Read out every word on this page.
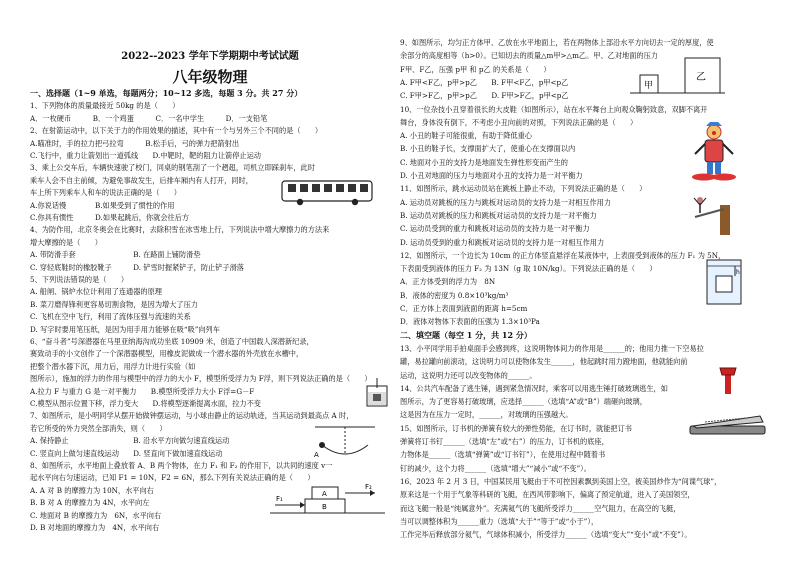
2022--2023 学年下学期期中考试试题
八年级物理
一、选择题（1~9 单选，每题两分；10~12 多选，每题 3 分。共 27 分）
1、下列物体的质量最接近 50kg 的是（　　）
A．一枚硬币　　　B．一个鸡蛋　　　C．一名中学生　　　D．一支铅笔
2、在射箭运动中，以下关于力的作用效果的描述，其中有一个与另外三个不同的是（　　）
A.瞄准时，手的拉力把弓拉弯　　　B.松手后，弓的弹力把箭射出
C.飞行中，重力让箭划出一道弧线　　D.中靶时，靶的阻力让箭停止运动
3、乘上公交车后，车辆快速驶了校门，同桌的钢笔刮了一个趔趄，司机立即踩刹车，此时
乘车人会不自主前倾，为避免事故发生，后排车厢内有人打开，同时，
车上所下列乘车人和车的说法正确的是（　　）
A.你说话慢　　　　B.如果受到了惯性的作用
C.你具有惯性　　　D.如果起跳后，你就会往后方
4、为防作用，北京冬奥会在比赛时，去除积雪在冰雪地上行，下列说法中增大摩擦力的方法来
增大摩擦的是（　　）
A. 带防滑手套　　　　　　　　B. 在路面上铺防滑垫
C. 穿轻底鞋时的橡胶靴子　　　D. 铲雪时握紧铲子，防止铲子滑落
5、下列说法错误的是（　　）
A. 船闸、锅炉水位计利用了连通器的原理
B. 菜刀磨得锋利更容易切割食物，是因为增大了压力
C. 飞机在空中飞行，利用了流体压强与流速的关系
D. 写字时要用笔压纸，是因为用手用力能够在吸“吸”向列车
6、“奋斗者”号深潜器在马里亚纳海沟成功坐底 10909 米，创造了中国载人深潜新纪录，
赛致动手的小文创作了一个深潜器模型，用橡皮泥做成一个潜水器的外壳放在水槽中，
把整个潜水器下沉，用力后，用浮力计进行实验（如
图所示），施加的浮力的作用与模型中的浮力的大小 F，模型所受浮力为 F浮，则下列说法正确的是（　　）
A.拉力 F 与重力 G 是一对平衡力　　B.模型所受浮力大小 F浮=G－F
C.模型从图示位置下移，浮力变大　　D.将模型逐渐提离水面，拉力不变
7、如图所示，是小明同学从摆开始做钟摆运动，与小球由静止的运动轨迹，当其运动到最高点 A 时，
若它所受的外力突然全部消失，则（　　）
A. 保持静止　　　　　　　　　B. 沿水平方向做匀速直线运动
C. 竖直向上做匀速直线运动　　D. 竖直向下做加速直线运动
8、如图所示，水平地面上叠放着 A、B 两个物体，在力 F₁ 和 F₂ 的作用下，以共同的速度 v一
起水平向右匀速运动，已知 F1 = 10N，F2 = 6N，那么下列有关说法正确的是（　　）
A. A 对 B 的摩擦力为 10N，水平向右
B. B 对 A 的摩擦力为 4N，水平向左
C. 地面对 B 的摩擦力为　6N，水平向右
D. B 对地面的摩擦力为　4N，水平向右
A
A
B
F₁
F₂
9、如图所示，均匀正方体甲、乙放在水平地面上，若在两物体上部沿水平方向切去一定的厚度，使
余部分的高度相等（h>0）。已知切去的质量△m甲>△m乙。甲、乙对地面的压力
F甲、F乙，压强 p甲 和 p乙 的关系是（　　）
A. F甲<F乙，p甲>p乙　　B. F甲<F乙，p甲<p乙
C. F甲>F乙，p甲>p乙　　D. F甲>F乙，p甲<p乙
10、一位杂技小丑穿着很长的大皮鞋（如图所示），站在水平舞台上向观众鞠躬致意，双脚不离开
舞台，身体没有倒下，不考虑小丑向前的对照，下列说法正确的是（　　）
A. 小丑的鞋子可能很重，有助于降低重心
B. 小丑的鞋子长，支撑面扩大了，使重心在支撑面以内
C. 地面对小丑的支持力是地面发生弹性形变而产生的
D. 小丑对地面的压力与地面对小丑的支持力是一对平衡力
11、如图所示，跳水运动员站在跳板上静止不动，下列说法正确的是（　　）
A. 运动员对跳板的压力与跳板对运动员的支持力是一对相互作用力
B. 运动员对跳板的压力和跳板对运动员的支持力是一对平衡力
C. 运动员受到的重力和跳板对运动员的支持力是一对平衡力
D. 运动员受到的重力和跳板对运动员的支持力是一对相互作用力
12、如图所示，一个边长为 10cm 的正方体竖直悬浮在某液体中，上表面受到液体的压力 F₁ 为 5N，
下表面受到液体的压力 F₂ 为 13N（g 取 10N/kg）。下列说法正确的是（　　）
A．正方体受到的浮力为　8N
B．液体的密度为 0.8×10³kg/m³
C．正方体上表面到液面的距离 h=5cm
D．液体对物体下表面的压强为 1.3×10³Pa
二、填空题（每空 1 分，共 12 分）
13、小平同学用手拍桌面手会感到疼，这说明物体间力的作用是______的；他用力推一下空易拉
罐，易拉罐向前滚动，这说明力可以使物体发生______，他起跳时用力蹬地面，他就能向前
运动，这说明力还可以改变物体的______。
14、公共汽车配备了逃生锤，遇到紧急情况时，乘客可以用逃生锤打破玻璃逃生，如
图所示，为了更容易打破玻璃，应选择______（选填“A”或“B”）端砸向玻璃，
这是因为在压力一定时，______，对玻璃的压强越大。
15、如图所示，订书机的弹簧有较大的弹性势能，在订书时，就能把订书
弹簧将订书钉______（选填“左”或“右”）的压力，订书机的底座，
力物体是______（选填“弹簧”或“订书钉”），在使用过程中随着书
钉的减少，这个力将______（选填“增大”“减小”或“不变”）。
16、2023 年 2 月 3 日，中国某民用飞艇由于不可控因素飘到美国上空，被美国炒作为“间谍气球”，
原来这是一个用于气象等科研的飞艇，在西风带影响下，偏离了预定航道，进入了美国领空，
而这飞艇一般是“纯属意外”。充满氦气的飞艇所受浮力______空气阻力，在高空的飞艇，
当可以调整体积为______重力（选填“大于”“等于”或“小于”），
工作完毕后释放部分氦气，气球体积减小，所受浮力______（选填“变大”“变小”或“不变”）。
甲
乙
h
